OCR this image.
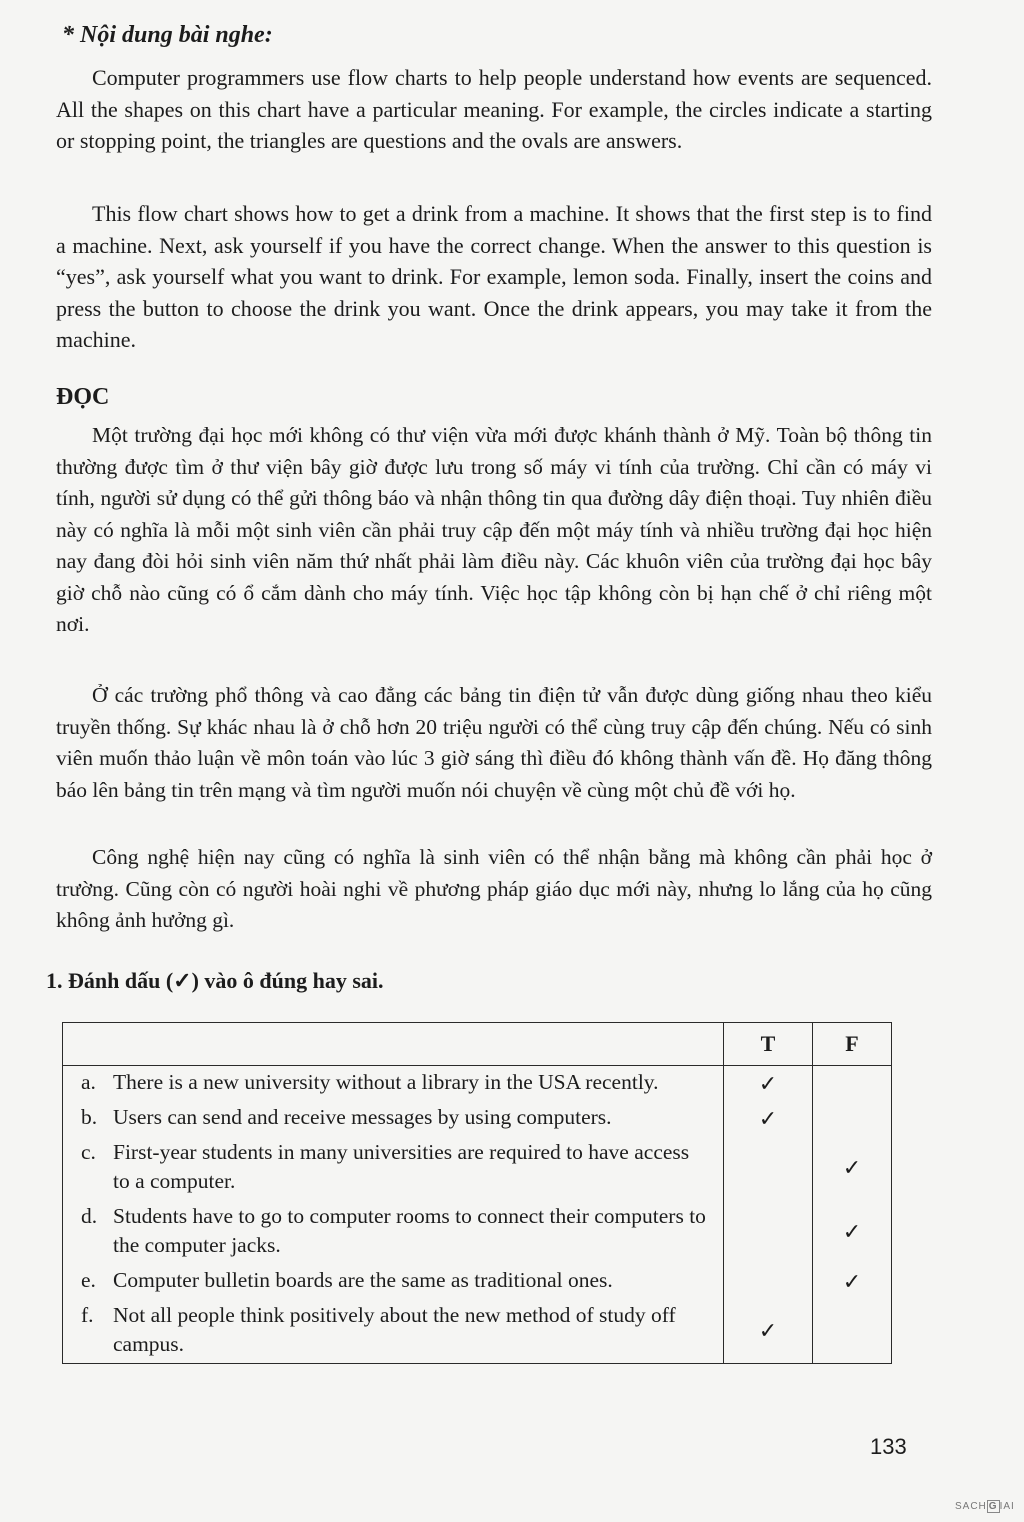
* Nội dung bài nghe:

Computer programmers use flow charts to help people understand how events are sequenced. All the shapes on this chart have a particular meaning. For example, the circles indicate a starting or stopping point, the triangles are questions and the ovals are answers.

This flow chart shows how to get a drink from a machine. It shows that the first step is to find a machine. Next, ask yourself if you have the correct change. When the answer to this question is “yes”, ask yourself what you want to drink. For example, lemon soda. Finally, insert the coins and press the button to choose the drink you want. Once the drink appears, you may take it from the machine.

ĐỌC

Một trường đại học mới không có thư viện vừa mới được khánh thành ở Mỹ. Toàn bộ thông tin thường được tìm ở thư viện bây giờ được lưu trong số máy vi tính của trường. Chỉ cần có máy vi tính, người sử dụng có thể gửi thông báo và nhận thông tin qua đường dây điện thoại. Tuy nhiên điều này có nghĩa là mỗi một sinh viên cần phải truy cập đến một máy tính và nhiều trường đại học hiện nay đang đòi hỏi sinh viên năm thứ nhất phải làm điều này. Các khuôn viên của trường đại học bây giờ chỗ nào cũng có ổ cắm dành cho máy tính. Việc học tập không còn bị hạn chế ở chỉ riêng một nơi.

Ở các trường phổ thông và cao đẳng các bảng tin điện tử vẫn được dùng giống nhau theo kiểu truyền thống. Sự khác nhau là ở chỗ hơn 20 triệu người có thể cùng truy cập đến chúng. Nếu có sinh viên muốn thảo luận về môn toán vào lúc 3 giờ sáng thì điều đó không thành vấn đề. Họ đăng thông báo lên bảng tin trên mạng và tìm người muốn nói chuyện về cùng một chủ đề với họ.

Công nghệ hiện nay cũng có nghĩa là sinh viên có thể nhận bằng mà không cần phải học ở trường. Cũng còn có người hoài nghi về phương pháp giáo dục mới này, nhưng lo lắng của họ cũng không ảnh hưởng gì.

1. Đánh dấu (✓) vào ô đúng hay sai.
	T	F
a. There is a new university without a library in the USA recently.	✓	
b. Users can send and receive messages by using computers.	✓	
c. First-year students in many universities are required to have access to a computer.		✓
d. Students have to go to computer rooms to connect their computers to the computer jacks.		✓
e. Computer bulletin boards are the same as traditional ones.		✓
f. Not all people think positively about the new method of study off campus.	✓	
133
SACH G IAI
